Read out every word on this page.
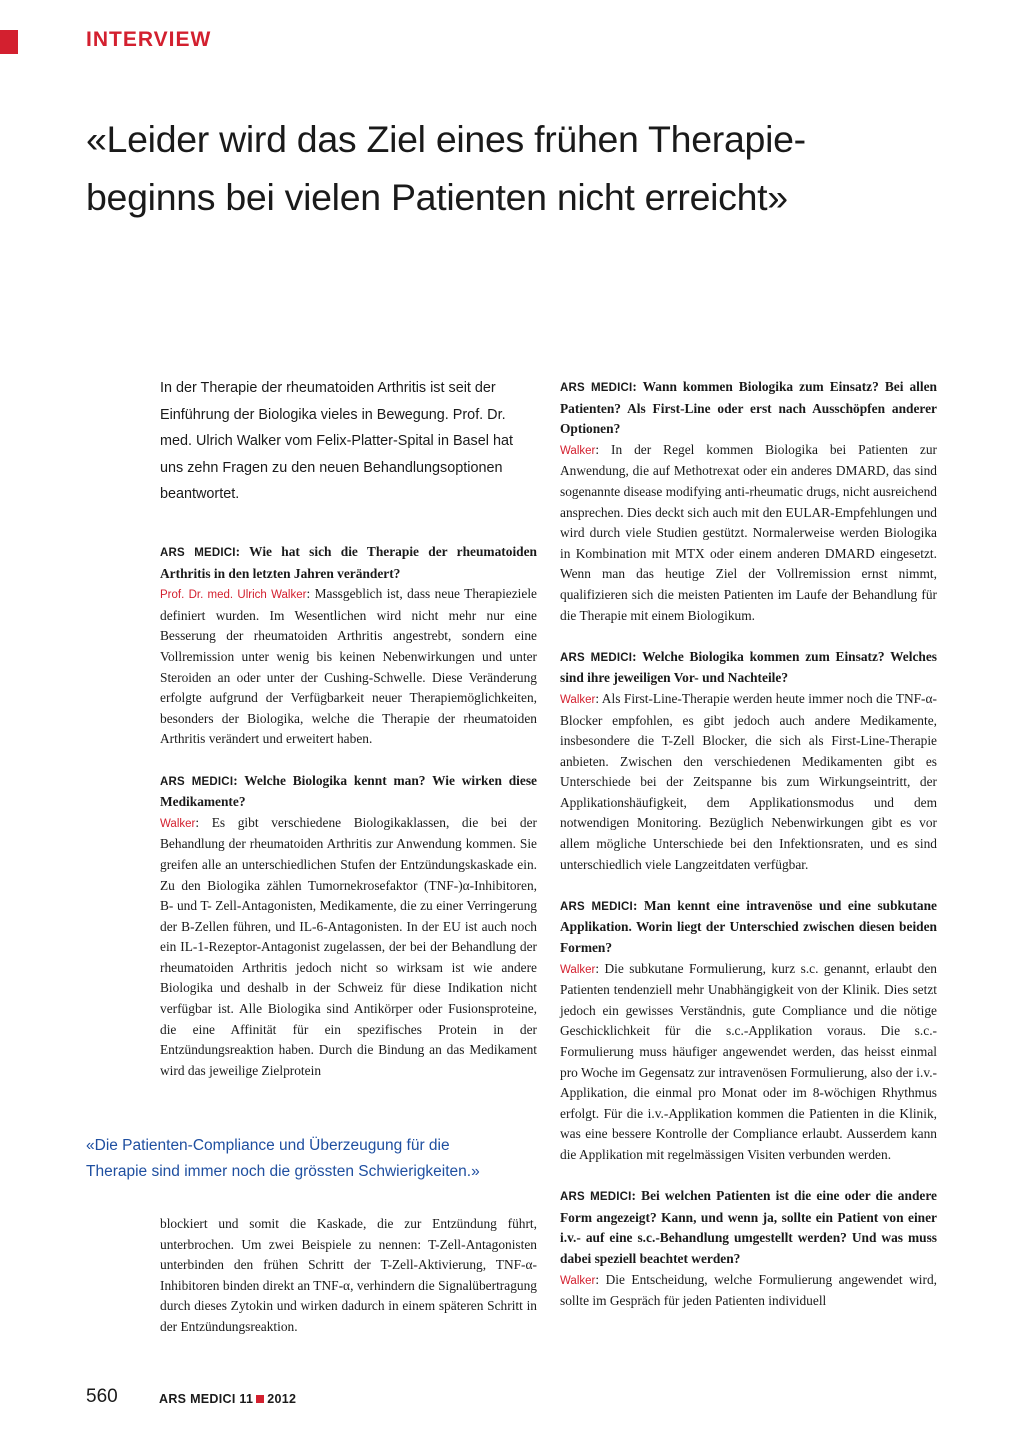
INTERVIEW
«Leider wird das Ziel eines frühen Therapie-
beginns bei vielen Patienten nicht erreicht»

In der Therapie der rheumatoiden Arthritis ist seit der Einführung der Biologika vieles in Bewegung. Prof. Dr. med. Ulrich Walker vom Felix-Platter-Spital in Basel hat uns zehn Fragen zu den neuen Behandlungsoptionen beantwortet.

ARS MEDICI: Wie hat sich die Therapie der rheumatoiden Arthritis in den letzten Jahren verändert?

Prof. Dr. med. Ulrich Walker: Massgeblich ist, dass neue Therapieziele definiert wurden. Im Wesentlichen wird nicht mehr nur eine Besserung der rheumatoiden Arthritis angestrebt, sondern eine Vollremission unter wenig bis keinen Nebenwirkungen und unter Steroiden an oder unter der Cushing-Schwelle. Diese Veränderung erfolgte aufgrund der Verfügbarkeit neuer Therapiemöglichkeiten, besonders der Biologika, welche die Therapie der rheumatoiden Arthritis verändert und erweitert haben.

ARS MEDICI: Welche Biologika kennt man? Wie wirken diese Medikamente?

Walker: Es gibt verschiedene Biologikaklassen, die bei der Behandlung der rheumatoiden Arthritis zur Anwendung kommen. Sie greifen alle an unterschiedlichen Stufen der Entzündungskaskade ein. Zu den Biologika zählen Tumornekrosefaktor (TNF-)α-Inhibitoren, B- und T- Zell-Antagonisten, Medikamente, die zu einer Verringerung der B-Zellen führen, und IL-6-Antagonisten. In der EU ist auch noch ein IL-1-Rezeptor-Antagonist zugelassen, der bei der Behandlung der rheumatoiden Arthritis jedoch nicht so wirksam ist wie andere Biologika und deshalb in der Schweiz für diese Indikation nicht verfügbar ist. Alle Biologika sind Antikörper oder Fusionsproteine, die eine Affinität für ein spezifisches Protein in der Entzündungsreaktion haben. Durch die Bindung an das Medikament wird das jeweilige Zielprotein

«Die Patienten-Compliance und Überzeugung für die
Therapie sind immer noch die grössten Schwierigkeiten.»

blockiert und somit die Kaskade, die zur Entzündung führt, unterbrochen. Um zwei Beispiele zu nennen: T-Zell-Antagonisten unterbinden den frühen Schritt der T-Zell-Aktivierung, TNF-α-Inhibitoren binden direkt an TNF-α, verhindern die Signalübertragung durch dieses Zytokin und wirken dadurch in einem späteren Schritt in der Entzündungsreaktion.

ARS MEDICI: Wann kommen Biologika zum Einsatz? Bei allen Patienten? Als First-Line oder erst nach Ausschöpfen anderer Optionen?

Walker: In der Regel kommen Biologika bei Patienten zur Anwendung, die auf Methotrexat oder ein anderes DMARD, das sind sogenannte disease modifying anti-rheumatic drugs, nicht ausreichend ansprechen. Dies deckt sich auch mit den EULAR-Empfehlungen und wird durch viele Studien gestützt. Normalerweise werden Biologika in Kombination mit MTX oder einem anderen DMARD eingesetzt. Wenn man das heutige Ziel der Vollremission ernst nimmt, qualifizieren sich die meisten Patienten im Laufe der Behandlung für die Therapie mit einem Biologikum.

ARS MEDICI: Welche Biologika kommen zum Einsatz? Welches sind ihre jeweiligen Vor- und Nachteile?

Walker: Als First-Line-Therapie werden heute immer noch die TNF-α-Blocker empfohlen, es gibt jedoch auch andere Medikamente, insbesondere die T-Zell Blocker, die sich als First-Line-Therapie anbieten. Zwischen den verschiedenen Medikamenten gibt es Unterschiede bei der Zeitspanne bis zum Wirkungseintritt, der Applikationshäufigkeit, dem Applikationsmodus und dem notwendigen Monitoring. Bezüglich Nebenwirkungen gibt es vor allem mögliche Unterschiede bei den Infektionsraten, und es sind unterschiedlich viele Langzeitdaten verfügbar.

ARS MEDICI: Man kennt eine intravenöse und eine subkutane Applikation. Worin liegt der Unterschied zwischen diesen beiden Formen?

Walker: Die subkutane Formulierung, kurz s.c. genannt, erlaubt den Patienten tendenziell mehr Unabhängigkeit von der Klinik. Dies setzt jedoch ein gewisses Verständnis, gute Compliance und die nötige Geschicklichkeit für die s.c.-Applikation voraus. Die s.c.-Formulierung muss häufiger angewendet werden, das heisst einmal pro Woche im Gegensatz zur intravenösen Formulierung, also der i.v.-Applikation, die einmal pro Monat oder im 8-wöchigen Rhythmus erfolgt. Für die i.v.-Applikation kommen die Patienten in die Klinik, was eine bessere Kontrolle der Compliance erlaubt. Ausserdem kann die Applikation mit regelmässigen Visiten verbunden werden.

ARS MEDICI: Bei welchen Patienten ist die eine oder die andere Form angezeigt? Kann, und wenn ja, sollte ein Patient von einer i.v.- auf eine s.c.-Behandlung umgestellt werden? Und was muss dabei speziell beachtet werden?

Walker: Die Entscheidung, welche Formulierung angewendet wird, sollte im Gespräch für jeden Patienten individuell

560	ARS MEDICI 11 2012
